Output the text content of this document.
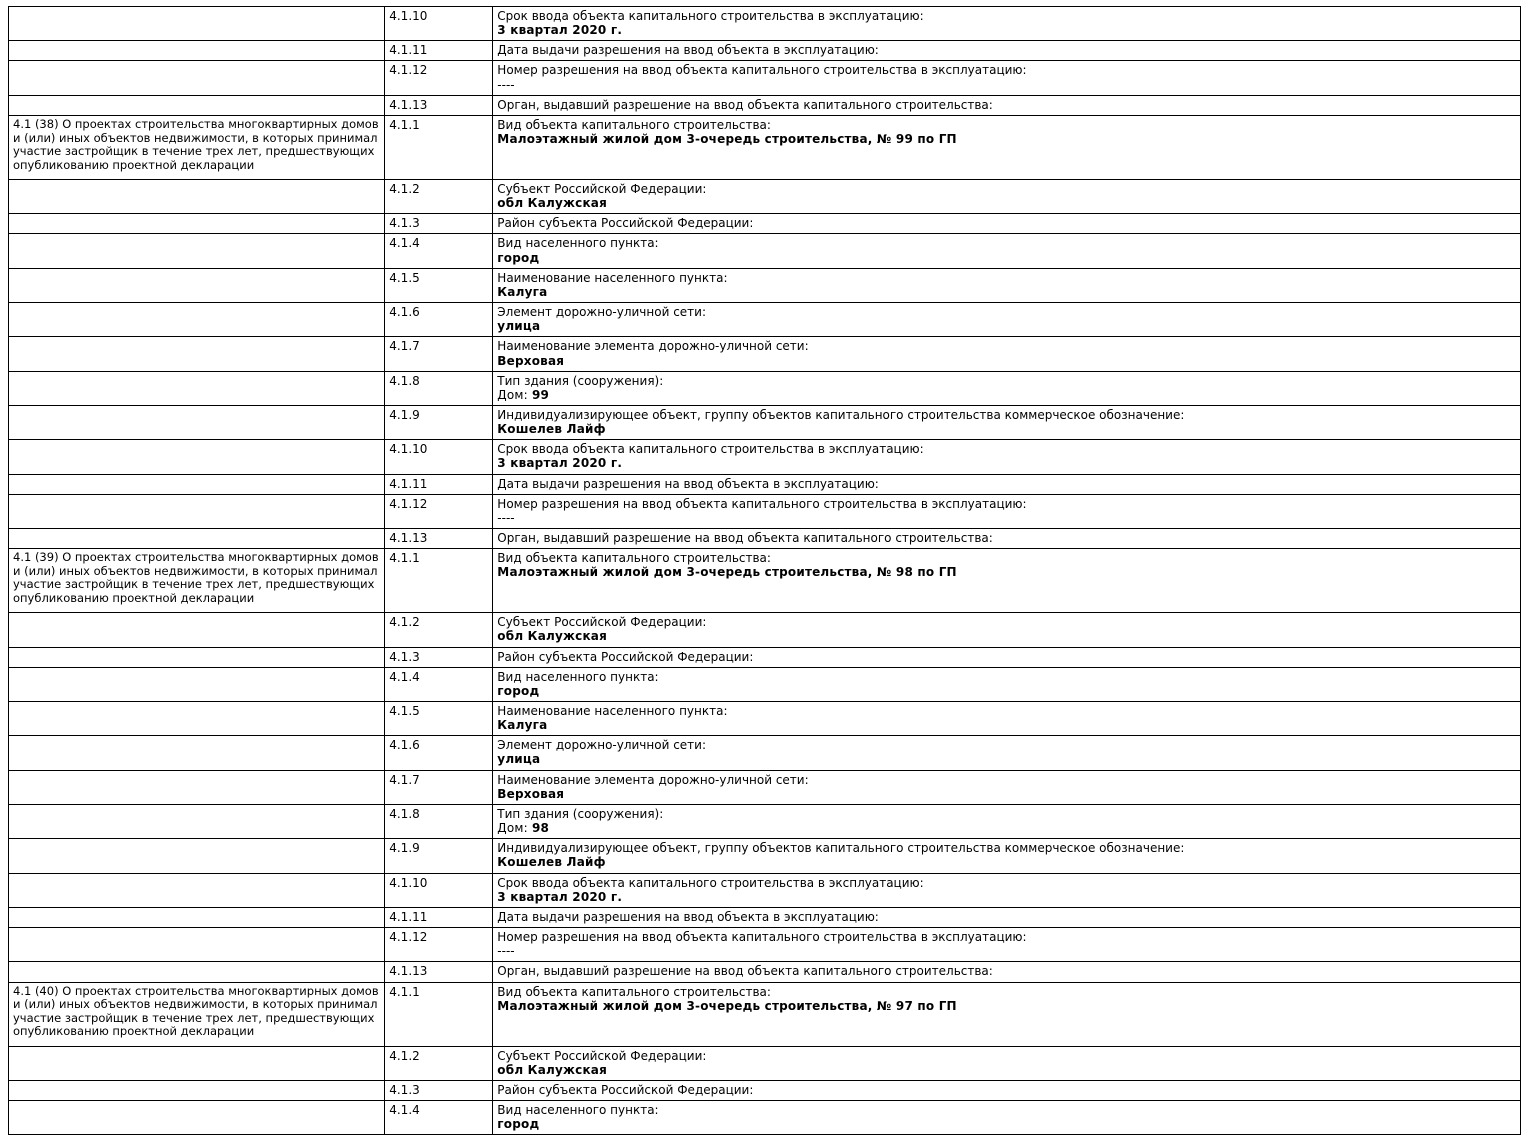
	4.1.10	Срок ввода объекта капитального строительства в эксплуатацию:
3 квартал 2020 г.

	4.1.11	Дата выдачи разрешения на ввод объекта в эксплуатацию:

	4.1.12	Номер разрешения на ввод объекта капитального строительства в эксплуатацию:
----

	4.1.13	Орган, выдавший разрешение на ввод объекта капитального строительства:

4.1 (38) О проектах строительства многоквартирных домов и (или) иных объектов недвижимости, в которых принимал участие застройщик в течение трех лет, предшествующих опубликованию проектной декларации	4.1.1	Вид объекта капитального строительства:
Малоэтажный жилой дом 3-очередь строительства, № 99 по ГП

	4.1.2	Субъект Российской Федерации:
обл Калужская

	4.1.3	Район субъекта Российской Федерации:

	4.1.4	Вид населенного пункта:
город

	4.1.5	Наименование населенного пункта:
Калуга

	4.1.6	Элемент дорожно-уличной сети:
улица

	4.1.7	Наименование элемента дорожно-уличной сети:
Верховая

	4.1.8	Тип здания (сооружения):
Дом: 99

	4.1.9	Индивидуализирующее объект, группу объектов капитального строительства коммерческое обозначение:
Кошелев Лайф

	4.1.10	Срок ввода объекта капитального строительства в эксплуатацию:
3 квартал 2020 г.

	4.1.11	Дата выдачи разрешения на ввод объекта в эксплуатацию:

	4.1.12	Номер разрешения на ввод объекта капитального строительства в эксплуатацию:
----

	4.1.13	Орган, выдавший разрешение на ввод объекта капитального строительства:

4.1 (39) О проектах строительства многоквартирных домов и (или) иных объектов недвижимости, в которых принимал участие застройщик в течение трех лет, предшествующих опубликованию проектной декларации	4.1.1	Вид объекта капитального строительства:
Малоэтажный жилой дом 3-очередь строительства, № 98 по ГП

	4.1.2	Субъект Российской Федерации:
обл Калужская

	4.1.3	Район субъекта Российской Федерации:

	4.1.4	Вид населенного пункта:
город

	4.1.5	Наименование населенного пункта:
Калуга

	4.1.6	Элемент дорожно-уличной сети:
улица

	4.1.7	Наименование элемента дорожно-уличной сети:
Верховая

	4.1.8	Тип здания (сооружения):
Дом: 98

	4.1.9	Индивидуализирующее объект, группу объектов капитального строительства коммерческое обозначение:
Кошелев Лайф

	4.1.10	Срок ввода объекта капитального строительства в эксплуатацию:
3 квартал 2020 г.

	4.1.11	Дата выдачи разрешения на ввод объекта в эксплуатацию:

	4.1.12	Номер разрешения на ввод объекта капитального строительства в эксплуатацию:
----

	4.1.13	Орган, выдавший разрешение на ввод объекта капитального строительства:

4.1 (40) О проектах строительства многоквартирных домов и (или) иных объектов недвижимости, в которых принимал участие застройщик в течение трех лет, предшествующих опубликованию проектной декларации	4.1.1	Вид объекта капитального строительства:
Малоэтажный жилой дом 3-очередь строительства, № 97 по ГП

	4.1.2	Субъект Российской Федерации:
обл Калужская

	4.1.3	Район субъекта Российской Федерации:

	4.1.4	Вид населенного пункта:
город
